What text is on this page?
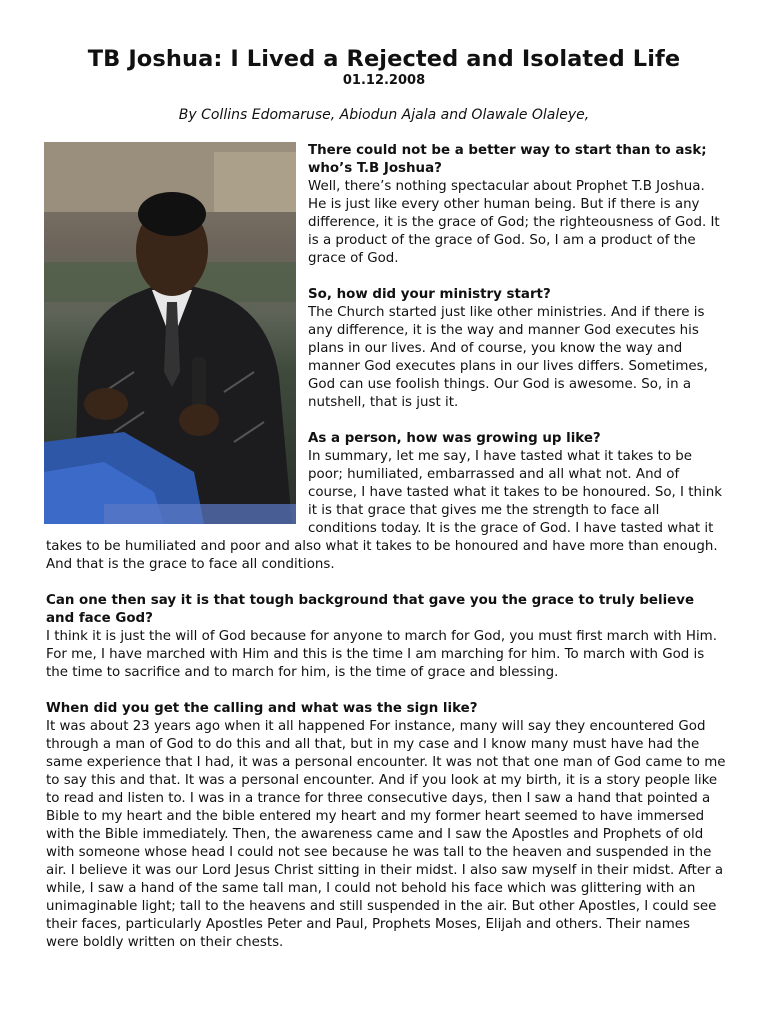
TB Joshua: I Lived a Rejected and Isolated Life
01.12.2008
By Collins Edomaruse, Abiodun Ajala and Olawale Olaleye,
There could not be a better way to start than to ask; who’s T.B Joshua?
Well, there’s nothing spectacular about Prophet T.B Joshua. He is just like every other human being. But if there is any difference, it is the grace of God; the righteousness of God. It is a product of the grace of God. So, I am a product of the grace of God.
So, how did your ministry start?
The Church started just like other ministries. And if there is any difference, it is the way and manner God executes his plans in our lives. And of course, you know the way and manner God executes plans in our lives differs. Sometimes, God can use foolish things. Our God is awesome. So, in a nutshell, that is just it.
As a person, how was growing up like?
In summary, let me say, I have tasted what it takes to be poor; humiliated, embarrassed and all what not. And of course, I have tasted what it takes to be honoured. So, I think it is that grace that gives me the strength to face all conditions today. It is the grace of God. I have tasted what it takes to be humiliated and poor and also what it takes to be honoured and have more than enough. And that is the grace to face all conditions.
Can one then say it is that tough background that gave you the grace to truly believe and face God?
I think it is just the will of God because for anyone to march for God, you must first march with Him. For me, I have marched with Him and this is the time I am marching for him. To march with God is the time to sacrifice and to march for him, is the time of grace and blessing.
When did you get the calling and what was the sign like?
It was about 23 years ago when it all happened For instance, many will say they encountered God through a man of God to do this and all that, but in my case and I know many must have had the same experience that I had, it was a personal encounter. It was not that one man of God came to me to say this and that. It was a personal encounter. And if you look at my birth, it is a story people like to read and listen to. I was in a trance for three consecutive days, then I saw a hand that pointed a Bible to my heart and the bible entered my heart and my former heart seemed to have immersed with the Bible immediately. Then, the awareness came and I saw the Apostles and Prophets of old with someone whose head I could not see because he was tall to the heaven and suspended in the air. I believe it was our Lord Jesus Christ sitting in their midst. I also saw myself in their midst. After a while, I saw a hand of the same tall man, I could not behold his face which was glittering with an unimaginable light; tall to the heavens and still suspended in the air. But other Apostles, I could see their faces, particularly Apostles Peter and Paul, Prophets Moses, Elijah and others. Their names were boldly written on their chests.
